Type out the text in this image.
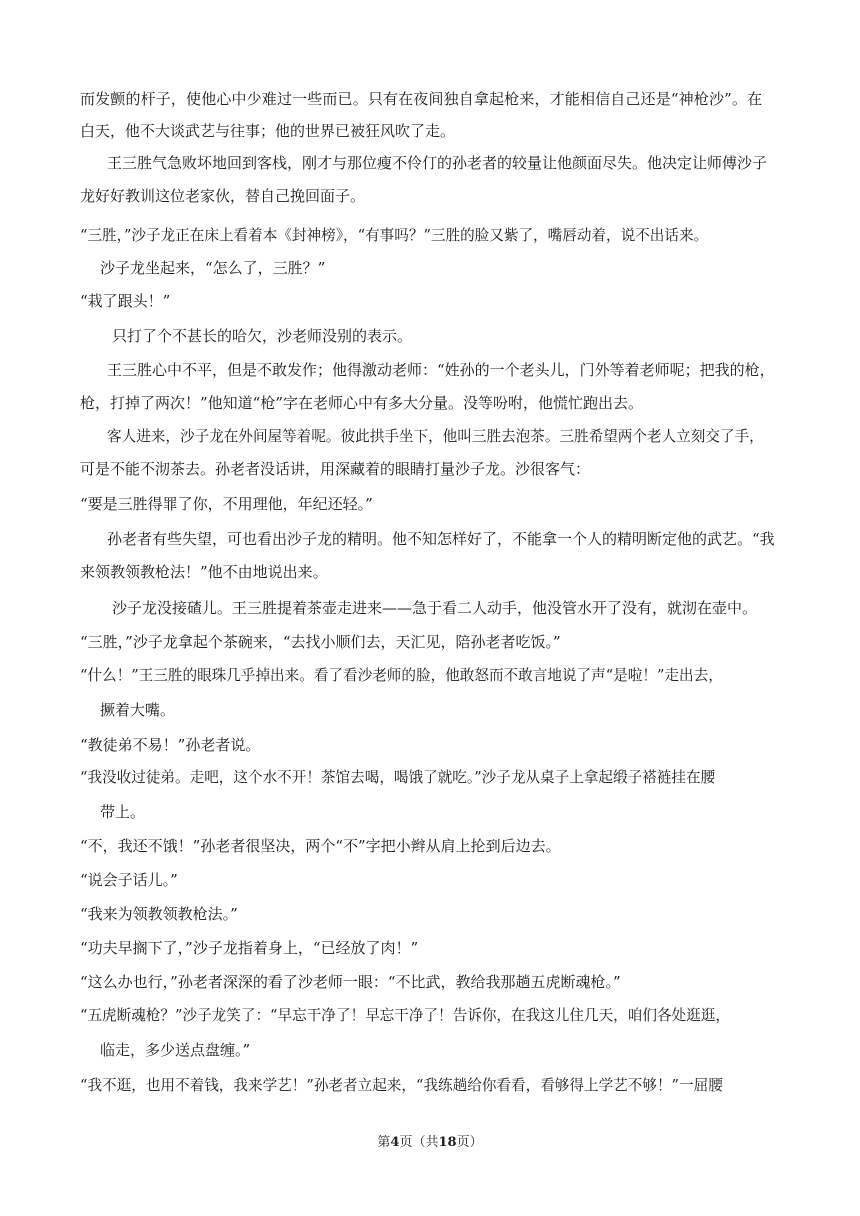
而发颤的杆子，使他心中少难过一些而已。只有在夜间独自拿起枪来，才能相信自己还是“神枪沙”。在
白天，他不大谈武艺与往事；他的世界已被狂风吹了走。
王三胜气急败坏地回到客栈，刚才与那位瘦不伶仃的孙老者的较量让他颜面尽失。他决定让师傅沙子
龙好好教训这位老家伙，替自己挽回面子。
“三胜，”沙子龙正在床上看着本《封神榜》，“有事吗？”三胜的脸又紫了，嘴唇动着，说不出话来。
沙子龙坐起来，“怎么了，三胜？”
“栽了跟头！”
只打了个不甚长的哈欠，沙老师没别的表示。
王三胜心中不平，但是不敢发作；他得激动老师：“姓孙的一个老头儿，门外等着老师呢；把我的枪，
枪，打掉了两次！”他知道“枪”字在老师心中有多大分量。没等吩咐，他慌忙跑出去。
客人进来，沙子龙在外间屋等着呢。彼此拱手坐下，他叫三胜去泡茶。三胜希望两个老人立刻交了手，
可是不能不沏茶去。孙老者没话讲，用深藏着的眼睛打量沙子龙。沙很客气：
“要是三胜得罪了你，不用理他，年纪还轻。”
孙老者有些失望，可也看出沙子龙的精明。他不知怎样好了，不能拿一个人的精明断定他的武艺。“我
来领教领教枪法！”他不由地说出来。
沙子龙没接碴儿。王三胜提着茶壶走进来——急于看二人动手，他没管水开了没有，就沏在壶中。
“三胜，”沙子龙拿起个茶碗来，“去找小顺们去，天汇见，陪孙老者吃饭。”
“什么！”王三胜的眼珠几乎掉出来。看了看沙老师的脸，他敢怒而不敢言地说了声“是啦！”走出去，
撅着大嘴。
“教徒弟不易！”孙老者说。
“我没收过徒弟。走吧，这个水不开！茶馆去喝，喝饿了就吃。”沙子龙从桌子上拿起缎子褡裢挂在腰
带上。
“不，我还不饿！”孙老者很坚决，两个“不”字把小辫从肩上抡到后边去。
“说会子话儿。”
“我来为领教领教枪法。”
“功夫早搁下了，”沙子龙指着身上，“已经放了肉！”
“这么办也行，”孙老者深深的看了沙老师一眼：“不比武，教给我那趟五虎断魂枪。”
“五虎断魂枪？”沙子龙笑了：“早忘干净了！早忘干净了！告诉你，在我这儿住几天，咱们各处逛逛，
临走，多少送点盘缠。”
“我不逛，也用不着钱，我来学艺！”孙老者立起来，“我练趟给你看看，看够得上学艺不够！”一屈腰
第4页（共18页）
